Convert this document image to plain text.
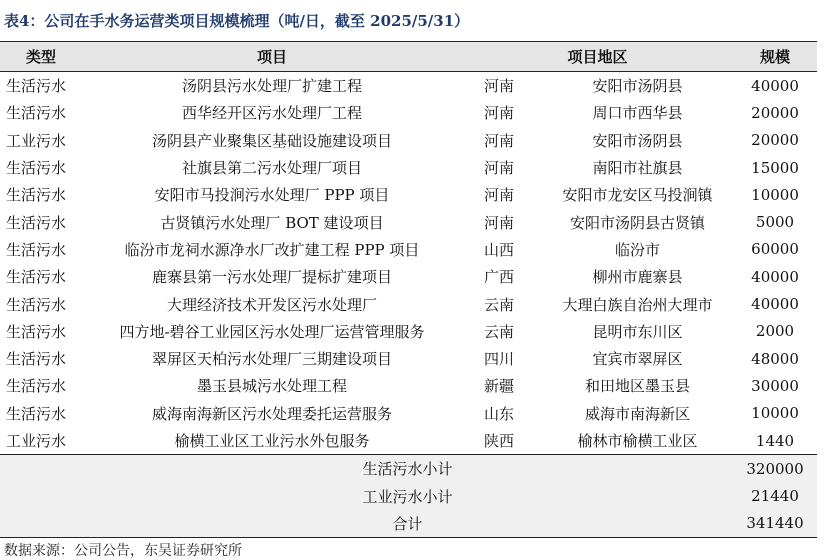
表4：公司在手水务运营类项目规模梳理（吨/日，截至 2025/5/31）
类型	项目	项目地区		规模
生活污水	汤阴县污水处理厂扩建工程	河南	安阳市汤阴县	40000
生活污水	西华经开区污水处理厂工程	河南	周口市西华县	20000
工业污水	汤阴县产业聚集区基础设施建设项目	河南	安阳市汤阴县	20000
生活污水	社旗县第二污水处理厂项目	河南	南阳市社旗县	15000
生活污水	安阳市马投涧污水处理厂 PPP 项目	河南	安阳市龙安区马投涧镇	10000
生活污水	古贤镇污水处理厂 BOT 建设项目	河南	安阳市汤阴县古贤镇	5000
生活污水	临汾市龙祠水源净水厂改扩建工程 PPP 项目	山西	临汾市	60000
生活污水	鹿寨县第一污水处理厂提标扩建项目	广西	柳州市鹿寨县	40000
生活污水	大理经济技术开发区污水处理厂	云南	大理白族自治州大理市	40000
生活污水	四方地-碧谷工业园区污水处理厂运营管理服务	云南	昆明市东川区	2000
生活污水	翠屏区天柏污水处理厂三期建设项目	四川	宜宾市翠屏区	48000
生活污水	墨玉县城污水处理工程	新疆	和田地区墨玉县	30000
生活污水	威海南海新区污水处理委托运营服务	山东	威海市南海新区	10000
工业污水	榆横工业区工业污水外包服务	陕西	榆林市榆横工业区	1440
	生活污水小计			320000
	工业污水小计			21440
	合计			341440
数据来源：公司公告，东吴证券研究所
